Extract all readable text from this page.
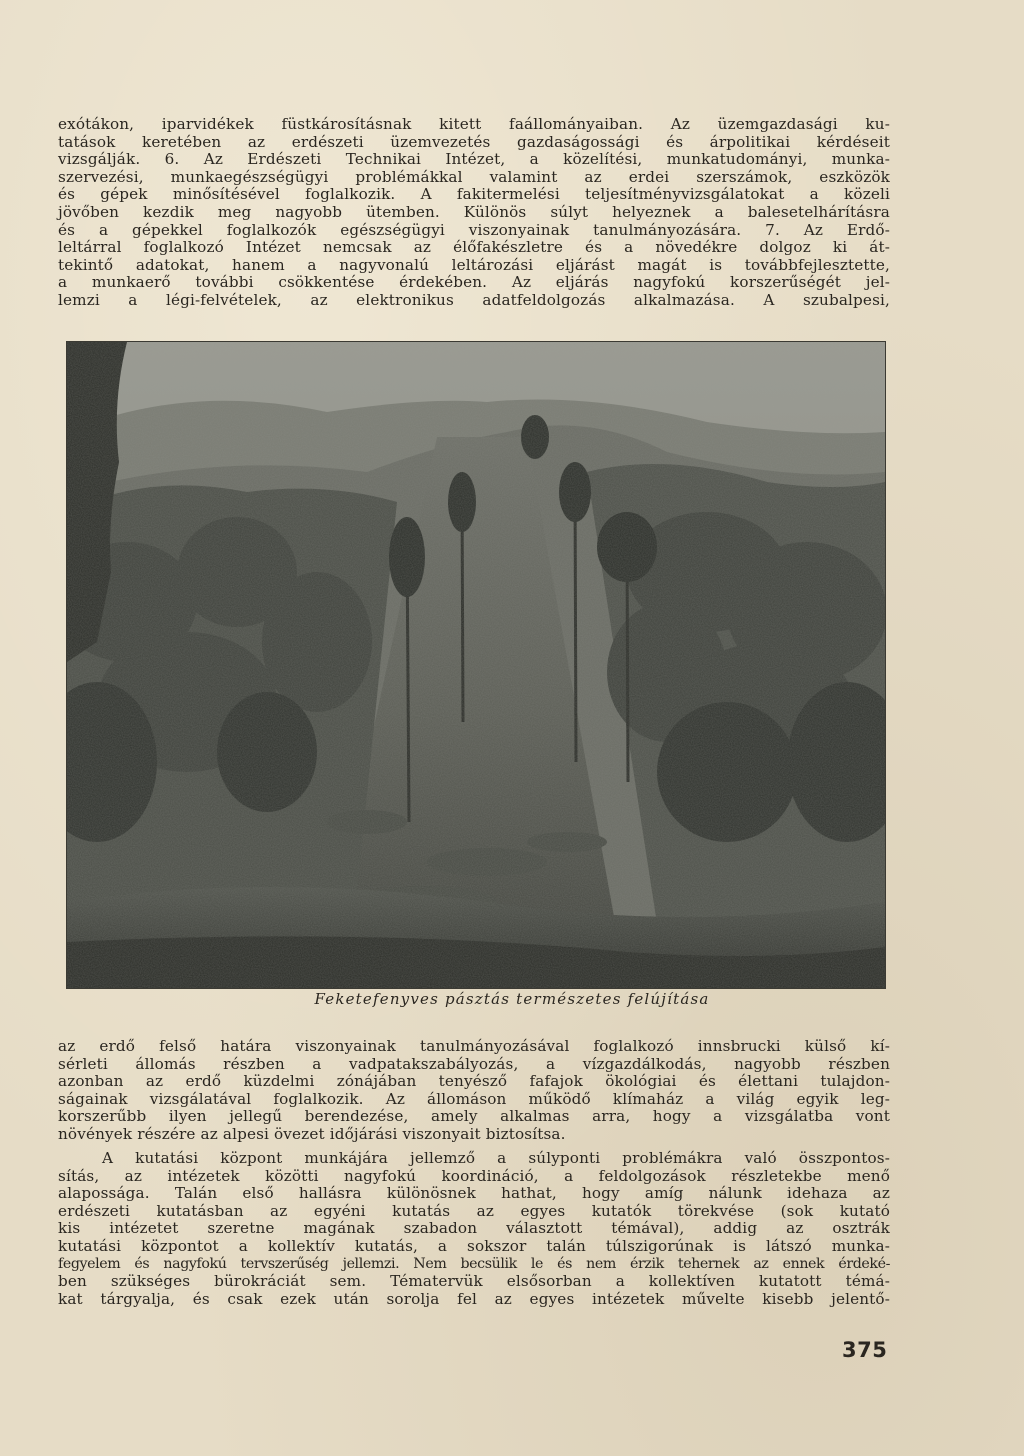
exótákon, iparvidékek füstkárosításnak kitett faállományaiban. Az üzemgazdasági ku-
tatások keretében az erdészeti üzemvezetés gazdaságossági és árpolitikai kérdéseit
vizsgálják. 6. Az Erdészeti Technikai Intézet, a közelítési, munkatudományi, munka-
szervezési, munkaegészségügyi problémákkal valamint az erdei szerszámok, eszközök
és gépek minősítésével foglalkozik. A fakitermelési teljesítményvizsgálatokat a közeli
jövőben kezdik meg nagyobb ütemben. Különös súlyt helyeznek a balesetelhárításra
és a gépekkel foglalkozók egészségügyi viszonyainak tanulmányozására. 7. Az Erdő-
leltárral foglalkozó Intézet nemcsak az élőfakészletre és a növedékre dolgoz ki át-
tekintő adatokat, hanem a nagyvonalú leltározási eljárást magát is továbbfejlesztette,
a munkaerő további csökkentése érdekében. Az eljárás nagyfokú korszerűségét jel-
lemzi a légi-felvételek, az elektronikus adatfeldolgozás alkalmazása. A szubalpesi,
Feketefenyves pásztás természetes felújítása
az erdő felső határa viszonyainak tanulmányozásával foglalkozó innsbrucki külső kí-
sérleti állomás részben a vadpatakszabályozás, a vízgazdálkodás, nagyobb részben
azonban az erdő küzdelmi zónájában tenyésző fafajok ökológiai és élettani tulajdon-
ságainak vizsgálatával foglalkozik. Az állomáson működő klímaház a világ egyik leg-
korszerűbb ilyen jellegű berendezése, amely alkalmas arra, hogy a vizsgálatba vont
növények részére az alpesi övezet időjárási viszonyait biztosítsa.
A kutatási központ munkájára jellemző a súlyponti problémákra való összpontos-
sítás, az intézetek közötti nagyfokú koordináció, a feldolgozások részletekbe menő
alapossága. Talán első hallásra különösnek hathat, hogy amíg nálunk idehaza az
erdészeti kutatásban az egyéni kutatás az egyes kutatók törekvése (sok kutató
kis intézetet szeretne magának szabadon választott témával), addig az osztrák
kutatási központot a kollektív kutatás, a sokszor talán túlszigorúnak is látszó munka-
fegyelem és nagyfokú tervszerűség jellemzi. Nem becsülik le és nem érzik tehernek az ennek érdeké-
ben szükséges bürokráciát sem. Tématervük elsősorban a kollektíven kutatott témá-
kat tárgyalja, és csak ezek után sorolja fel az egyes intézetek művelte kisebb jelentő-
375
